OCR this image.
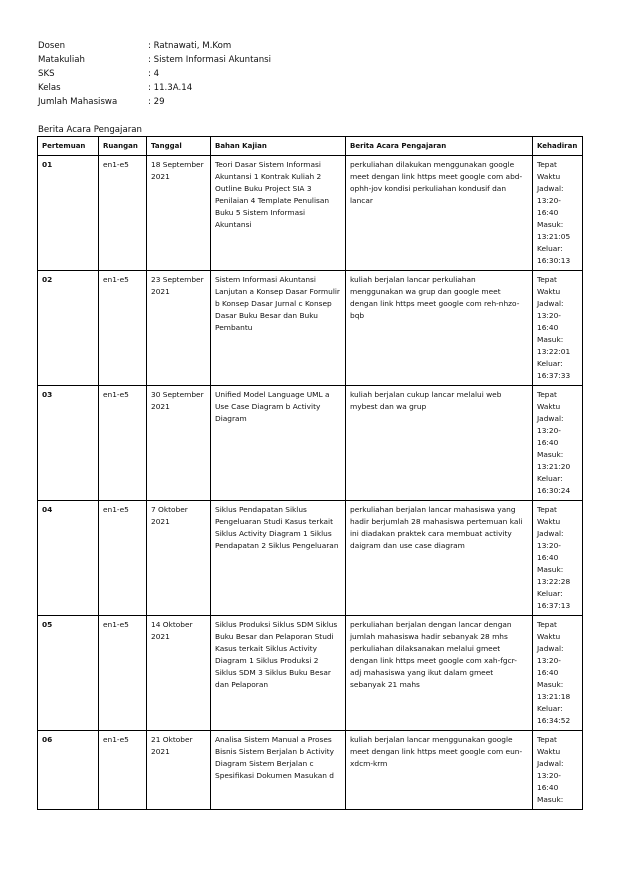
Dosen	: Ratnawati, M.Kom
Matakuliah	: Sistem Informasi Akuntansi
SKS	: 4
Kelas	: 11.3A.14
Jumlah Mahasiswa	: 29
Berita Acara Pengajaran
Pertemuan	Ruangan	Tanggal	Bahan Kajian	Berita Acara Pengajaran	Kehadiran
01	en1-e5	18 September 2021	Teori Dasar Sistem Informasi Akuntansi 1 Kontrak Kuliah 2 Outline Buku Project SIA 3 Penilaian 4 Template Penulisan Buku 5 Sistem Informasi Akuntansi	perkuliahan dilakukan menggunakan google meet dengan link https meet google com abd-ophh-jov kondisi perkuliahan kondusif dan lancar	Tepat Waktu Jadwal: 13:20-16:40 Masuk: 13:21:05 Keluar: 16:30:13
02	en1-e5	23 September 2021	Sistem Informasi Akuntansi Lanjutan a Konsep Dasar Formulir b Konsep Dasar Jurnal c Konsep Dasar Buku Besar dan Buku Pembantu	kuliah berjalan lancar perkuliahan menggunakan wa grup dan google meet dengan link https meet google com reh-nhzo-bqb	Tepat Waktu Jadwal: 13:20-16:40 Masuk: 13:22:01 Keluar: 16:37:33
03	en1-e5	30 September 2021	Unified Model Language UML a Use Case Diagram b Activity Diagram	kuliah berjalan cukup lancar melalui web mybest dan wa grup	Tepat Waktu Jadwal: 13:20-16:40 Masuk: 13:21:20 Keluar: 16:30:24
04	en1-e5	7 Oktober 2021	Siklus Pendapatan Siklus Pengeluaran Studi Kasus terkait Siklus Activity Diagram 1 Siklus Pendapatan 2 Siklus Pengeluaran	perkuliahan berjalan lancar mahasiswa yang hadir berjumlah 28 mahasiswa pertemuan kali ini diadakan praktek cara membuat activity daigram dan use case diagram	Tepat Waktu Jadwal: 13:20-16:40 Masuk: 13:22:28 Keluar: 16:37:13
05	en1-e5	14 Oktober 2021	Siklus Produksi Siklus SDM Siklus Buku Besar dan Pelaporan Studi Kasus terkait Siklus Activity Diagram 1 Siklus Produksi 2 Siklus SDM 3 Siklus Buku Besar dan Pelaporan	perkuliahan berjalan dengan lancar dengan jumlah mahasiswa hadir sebanyak 28 mhs perkuliahan dilaksanakan melalui gmeet dengan link https meet google com xah-fgcr-adj mahasiswa yang ikut dalam gmeet sebanyak 21 mahs	Tepat Waktu Jadwal: 13:20-16:40 Masuk: 13:21:18 Keluar: 16:34:52
06	en1-e5	21 Oktober 2021	Analisa Sistem Manual a Proses Bisnis Sistem Berjalan b Activity Diagram Sistem Berjalan c Spesifikasi Dokumen Masukan d	kuliah berjalan lancar menggunakan google meet dengan link https meet google com eun-xdcm-krm	Tepat Waktu Jadwal: 13:20-16:40 Masuk:
